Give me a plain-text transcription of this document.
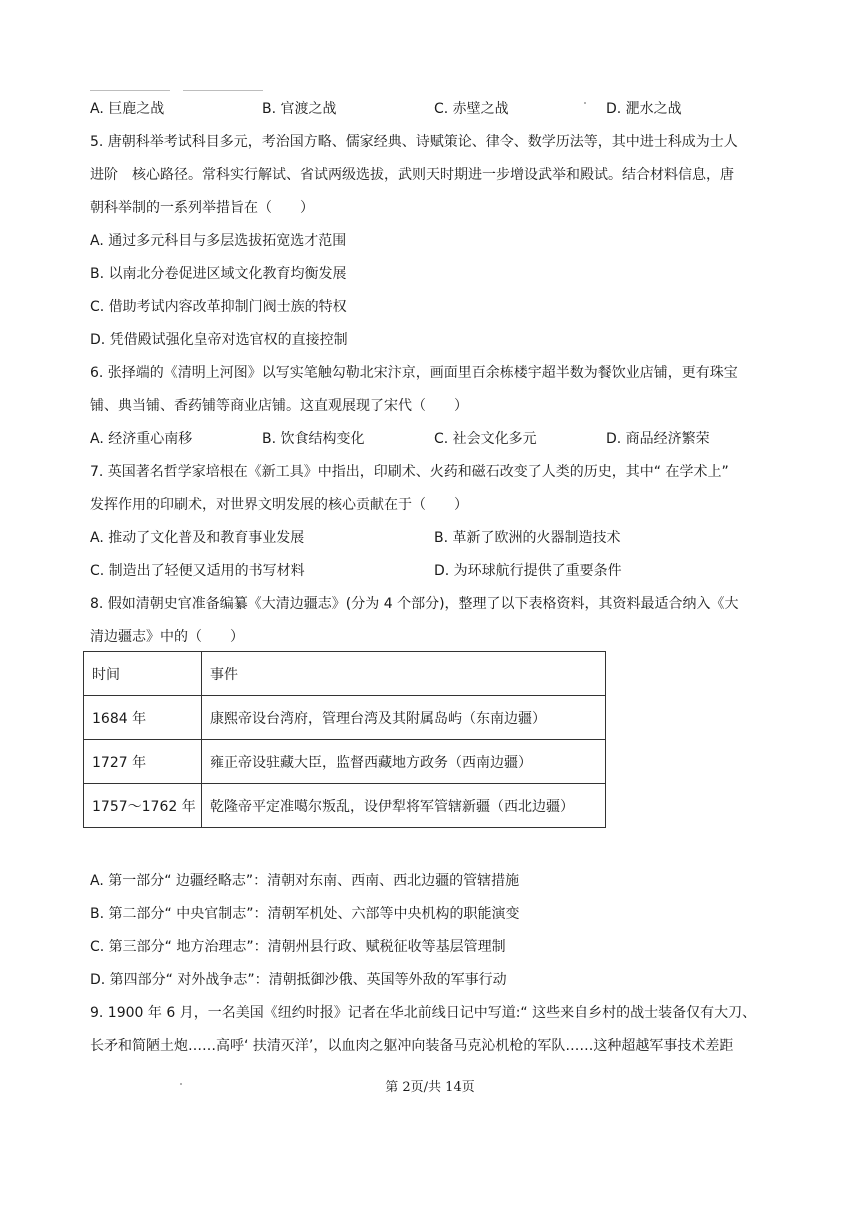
A. 巨鹿之战	B. 官渡之战	C. 赤壁之战	D. 淝水之战
5. 唐朝科举考试科目多元，考治国方略、儒家经典、诗赋策论、律令、数学历法等，其中进士科成为士人
进阶　核心路径。常科实行解试、省试两级选拔，武则天时期进一步增设武举和殿试。结合材料信息，唐
朝科举制的一系列举措旨在（　　）
A. 通过多元科目与多层选拔拓宽选才范围
B. 以南北分卷促进区域文化教育均衡发展
C. 借助考试内容改革抑制门阀士族的特权
D. 凭借殿试强化皇帝对选官权的直接控制
6. 张择端的《清明上河图》以写实笔触勾勒北宋汴京，画面里百余栋楼宇超半数为餐饮业店铺，更有珠宝
铺、典当铺、香药铺等商业店铺。这直观展现了宋代（　　）
A. 经济重心南移	B. 饮食结构变化	C. 社会文化多元	D. 商品经济繁荣
7. 英国著名哲学家培根在《新工具》中指出，印刷术、火药和磁石改变了人类的历史，其中“ 在学术上”
发挥作用的印刷术，对世界文明发展的核心贡献在于（　　）
A. 推动了文化普及和教育事业发展	B. 革新了欧洲的火器制造技术
C. 制造出了轻便又适用的书写材料	D. 为环球航行提供了重要条件
8. 假如清朝史官准备编纂《大清边疆志》(分为 4 个部分)，整理了以下表格资料，其资料最适合纳入《大
清边疆志》中的（　　）
时间	事件
1684 年	康熙帝设台湾府，管理台湾及其附属岛屿（东南边疆）
1727 年	雍正帝设驻藏大臣，监督西藏地方政务（西南边疆）
1757～1762 年	乾隆帝平定准噶尔叛乱，设伊犁将军管辖新疆（西北边疆）
A. 第一部分“ 边疆经略志”：清朝对东南、西南、西北边疆的管辖措施
B. 第二部分“ 中央官制志”：清朝军机处、六部等中央机构的职能演变
C. 第三部分“ 地方治理志”：清朝州县行政、赋税征收等基层管理制
D. 第四部分“ 对外战争志”：清朝抵御沙俄、英国等外敌的军事行动
9. 1900 年 6 月，一名美国《纽约时报》记者在华北前线日记中写道:“ 这些来自乡村的战士装备仅有大刀、
长矛和简陋土炮……高呼‘ 扶清灭洋’，以血肉之躯冲向装备马克沁机枪的军队……这种超越军事技术差距
第 2页/共 14页
